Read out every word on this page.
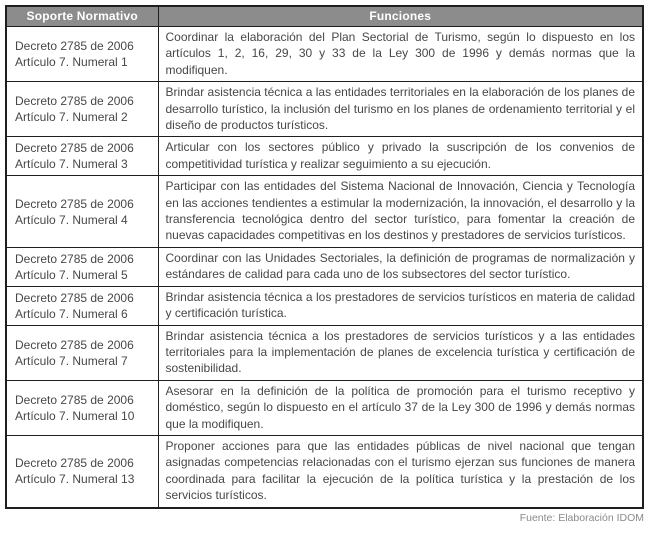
Soporte Normativo	Funciones

Decreto 2785 de 2006
Artículo 7. Numeral 1	Coordinar la elaboración del Plan Sectorial de Turismo, según lo dispuesto en los artículos 1, 2, 16, 29, 30 y 33 de la Ley 300 de 1996 y demás normas que la modifiquen.

Decreto 2785 de 2006
Artículo 7. Numeral 2	Brindar asistencia técnica a las entidades territoriales en la elaboración de los planes de desarrollo turístico, la inclusión del turismo en los planes de ordenamiento territorial y el diseño de productos turísticos.

Decreto 2785 de 2006
Artículo 7. Numeral 3	Articular con los sectores público y privado la suscripción de los convenios de competitividad turística y realizar seguimiento a su ejecución.

Decreto 2785 de 2006
Artículo 7. Numeral 4	Participar con las entidades del Sistema Nacional de Innovación, Ciencia y Tecnología en las acciones tendientes a estimular la modernización, la innovación, el desarrollo y la transferencia tecnológica dentro del sector turístico, para fomentar la creación de nuevas capacidades competitivas en los destinos y prestadores de servicios turísticos.

Decreto 2785 de 2006
Artículo 7. Numeral 5	Coordinar con las Unidades Sectoriales, la definición de programas de normalización y estándares de calidad para cada uno de los subsectores del sector turístico.

Decreto 2785 de 2006
Artículo 7. Numeral 6	Brindar asistencia técnica a los prestadores de servicios turísticos en materia de calidad y certificación turística.

Decreto 2785 de 2006
Artículo 7. Numeral 7	Brindar asistencia técnica a los prestadores de servicios turísticos y a las entidades territoriales para la implementación de planes de excelencia turística y certificación de sostenibilidad.

Decreto 2785 de 2006
Artículo 7. Numeral 10	Asesorar en la definición de la política de promoción para el turismo receptivo y doméstico, según lo dispuesto en el artículo 37 de la Ley 300 de 1996 y demás normas que la modifiquen.

Decreto 2785 de 2006
Artículo 7. Numeral 13	Proponer acciones para que las entidades públicas de nivel nacional que tengan asignadas competencias relacionadas con el turismo ejerzan sus funciones de manera coordinada para facilitar la ejecución de la política turística y la prestación de los servicios turísticos.
Fuente: Elaboración IDOM
